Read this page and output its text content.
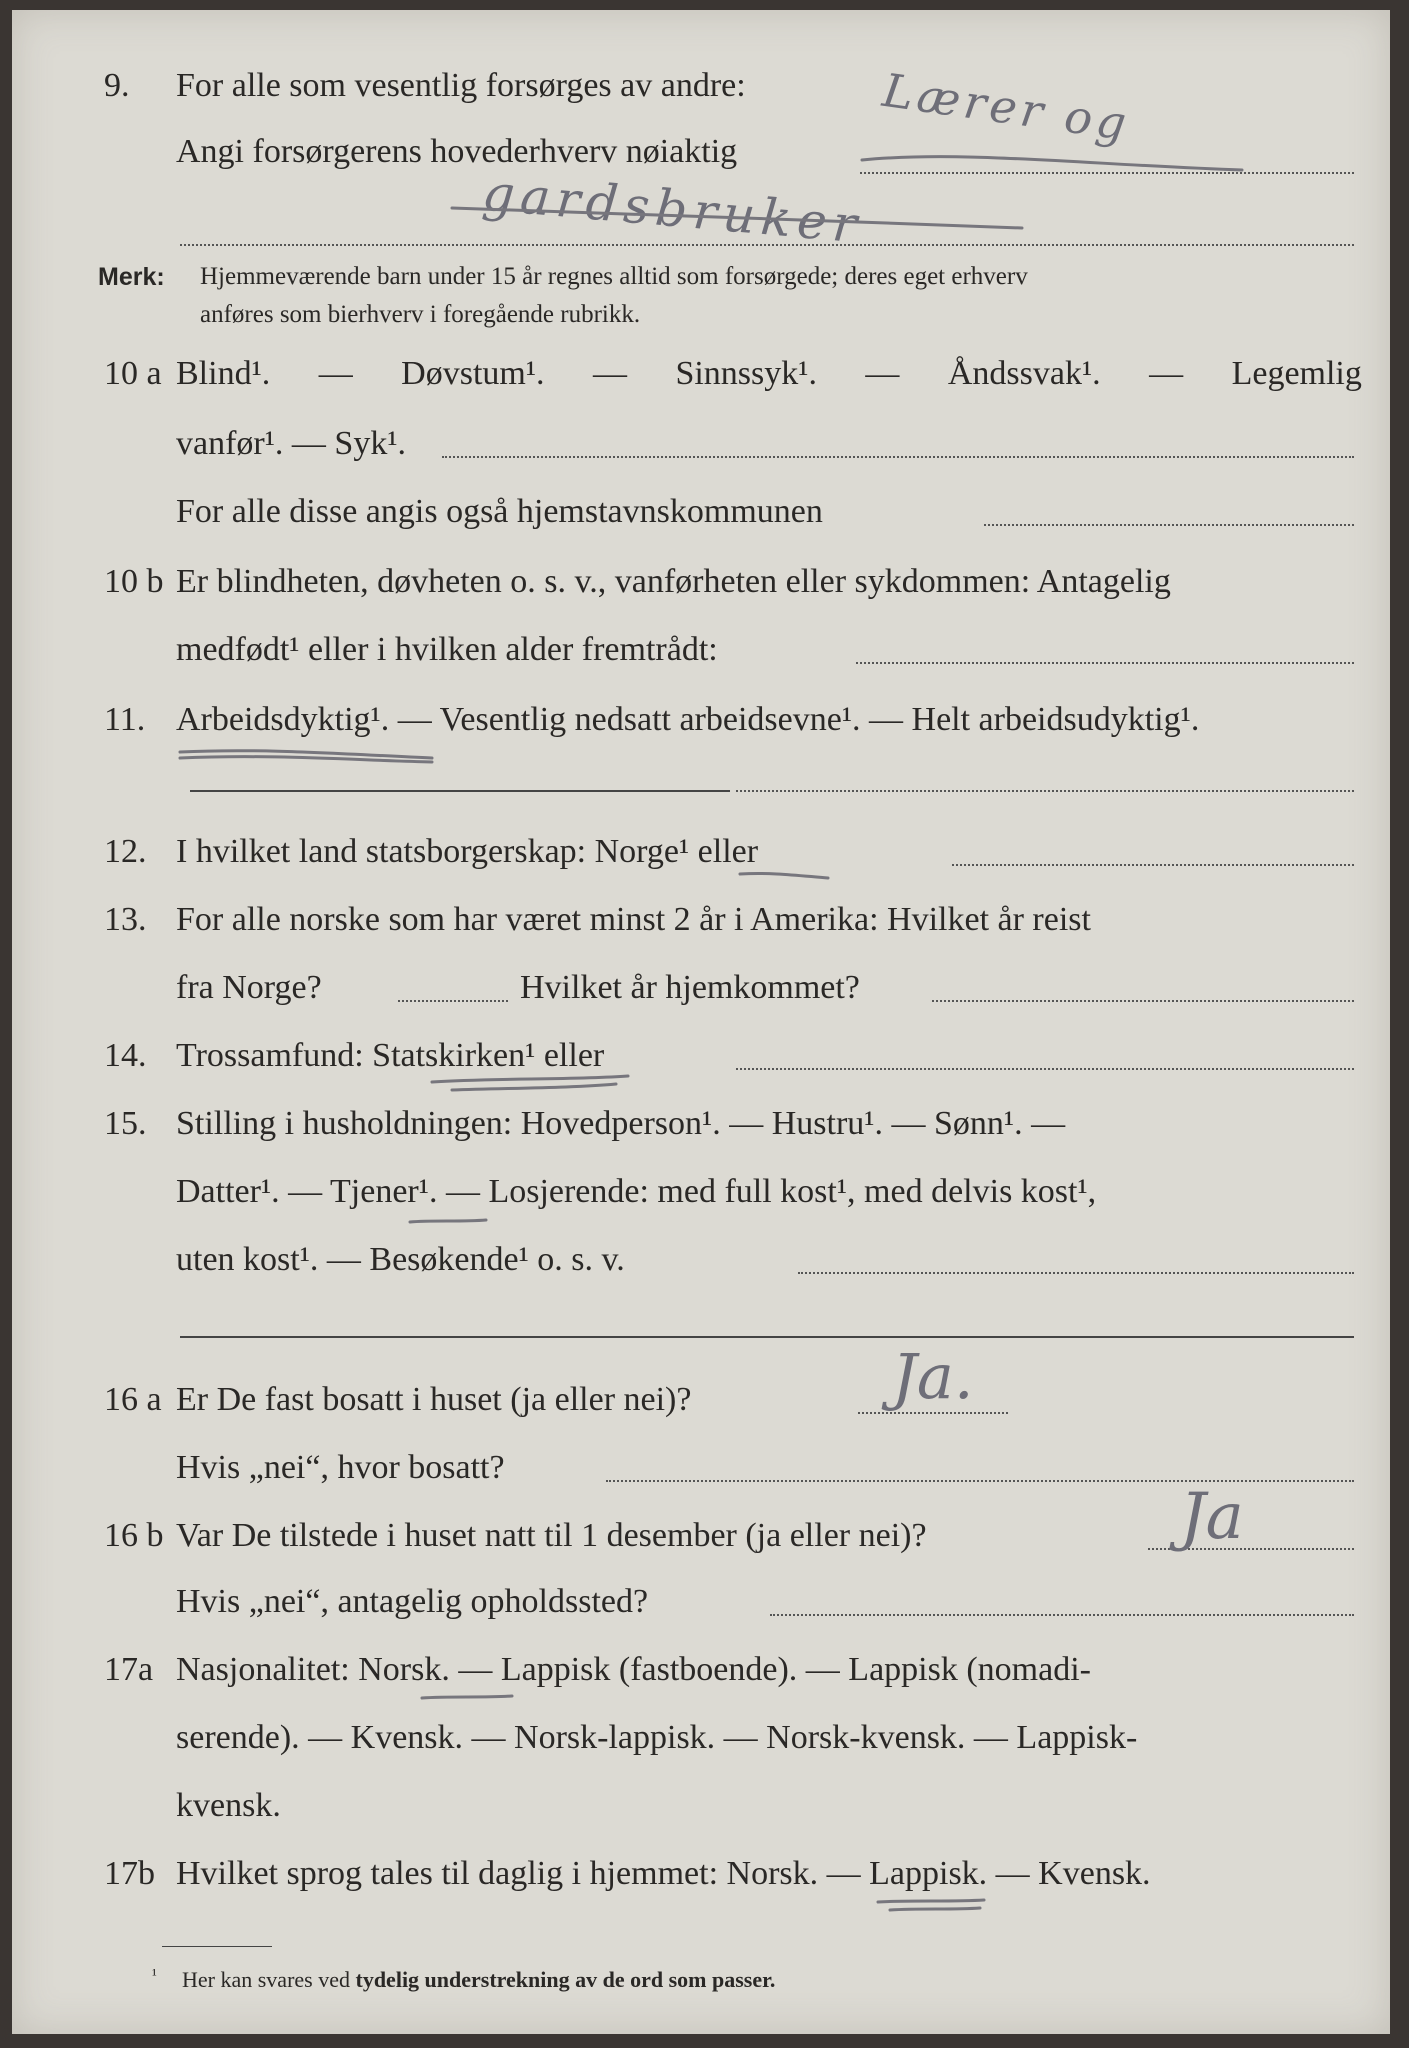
9. For alle som vesentlig forsørges av andre:
Angi forsørgerens hovederhverv nøiaktig
Lærer og
gardsbruker
Merk: Hjemmeværende barn under 15 år regnes alltid som forsørgede; deres eget erhverv
anføres som bierhverv i foregående rubrikk.
10 a Blind¹. — Døvstum¹. — Sinnssyk¹. — Åndssvak¹. — Legemlig
vanfør¹. — Syk¹.
For alle disse angis også hjemstavnskommunen
10 b Er blindheten, døvheten o. s. v., vanførheten eller sykdommen: Antagelig
medfødt¹ eller i hvilken alder fremtrådt:
11. Arbeidsdyktig¹. — Vesentlig nedsatt arbeidsevne¹. — Helt arbeidsudyktig¹.
12. I hvilket land statsborgerskap: Norge¹ eller
13. For alle norske som har været minst 2 år i Amerika: Hvilket år reist
fra Norge?	Hvilket år hjemkommet?
14. Trossamfund: Statskirken¹ eller
15. Stilling i husholdningen: Hovedperson¹. — Hustru¹. — Sønn¹. —
Datter¹. — Tjener¹. — Losjerende: med full kost¹, med delvis kost¹,
uten kost¹. — Besøkende¹ o. s. v.
16 a Er De fast bosatt i huset (ja eller nei)?	Ja.
Hvis „nei“, hvor bosatt?
16 b Var De tilstede i huset natt til 1 desember (ja eller nei)?	Ja
Hvis „nei“, antagelig opholdssted?
17a Nasjonalitet: Norsk. — Lappisk (fastboende). — Lappisk (nomadi-
serende). — Kvensk. — Norsk-lappisk. — Norsk-kvensk. — Lappisk-
kvensk.
17b Hvilket sprog tales til daglig i hjemmet: Norsk. — Lappisk. — Kvensk.
¹ Her kan svares ved tydelig understrekning av de ord som passer.
